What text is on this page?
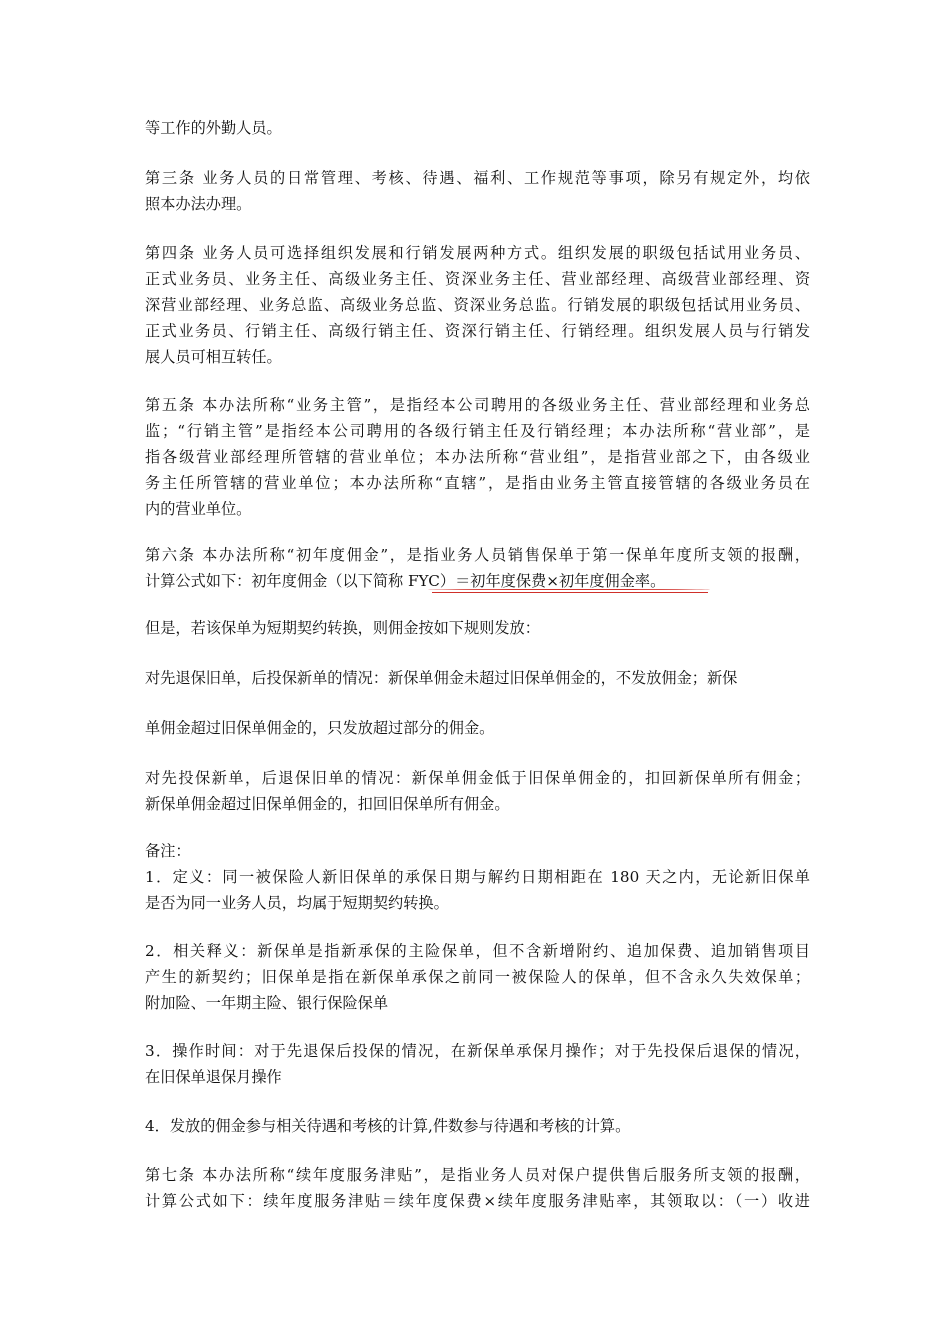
等工作的外勤人员。
第三条 业务人员的日常管理、考核、待遇、福利、工作规范等事项，除另有规定外，均依
照本办法办理。
第四条 业务人员可选择组织发展和行销发展两种方式。组织发展的职级包括试用业务员、
正式业务员、业务主任、高级业务主任、资深业务主任、营业部经理、高级营业部经理、资
深营业部经理、业务总监、高级业务总监、资深业务总监。行销发展的职级包括试用业务员、
正式业务员、行销主任、高级行销主任、资深行销主任、行销经理。组织发展人员与行销发
展人员可相互转任。
第五条 本办法所称“业务主管”，是指经本公司聘用的各级业务主任、营业部经理和业务总
监；“行销主管”是指经本公司聘用的各级行销主任及行销经理；本办法所称“营业部”，是
指各级营业部经理所管辖的营业单位；本办法所称“营业组”，是指营业部之下，由各级业
务主任所管辖的营业单位；本办法所称“直辖”，是指由业务主管直接管辖的各级业务员在
内的营业单位。
第六条 本办法所称“初年度佣金”，是指业务人员销售保单于第一保单年度所支领的报酬，
计算公式如下：初年度佣金（以下简称 FYC）＝初年度保费×初年度佣金率。
但是，若该保单为短期契约转换，则佣金按如下规则发放：
对先退保旧单，后投保新单的情况：新保单佣金未超过旧保单佣金的，不发放佣金；新保
单佣金超过旧保单佣金的，只发放超过部分的佣金。
对先投保新单，后退保旧单的情况：新保单佣金低于旧保单佣金的，扣回新保单所有佣金；
新保单佣金超过旧保单佣金的，扣回旧保单所有佣金。
备注：
1．定义：同一被保险人新旧保单的承保日期与解约日期相距在 180 天之内，无论新旧保单
是否为同一业务人员，均属于短期契约转换。
2．相关释义：新保单是指新承保的主险保单，但不含新增附约、追加保费、追加销售项目
产生的新契约；旧保单是指在新保单承保之前同一被保险人的保单，但不含永久失效保单；
附加险、一年期主险、银行保险保单
3．操作时间：对于先退保后投保的情况，在新保单承保月操作；对于先投保后退保的情况，
在旧保单退保月操作
4．发放的佣金参与相关待遇和考核的计算,件数参与待遇和考核的计算。
第七条 本办法所称“续年度服务津贴”，是指业务人员对保户提供售后服务所支领的报酬，
计算公式如下：续年度服务津贴＝续年度保费×续年度服务津贴率，其领取以：（一）收进
